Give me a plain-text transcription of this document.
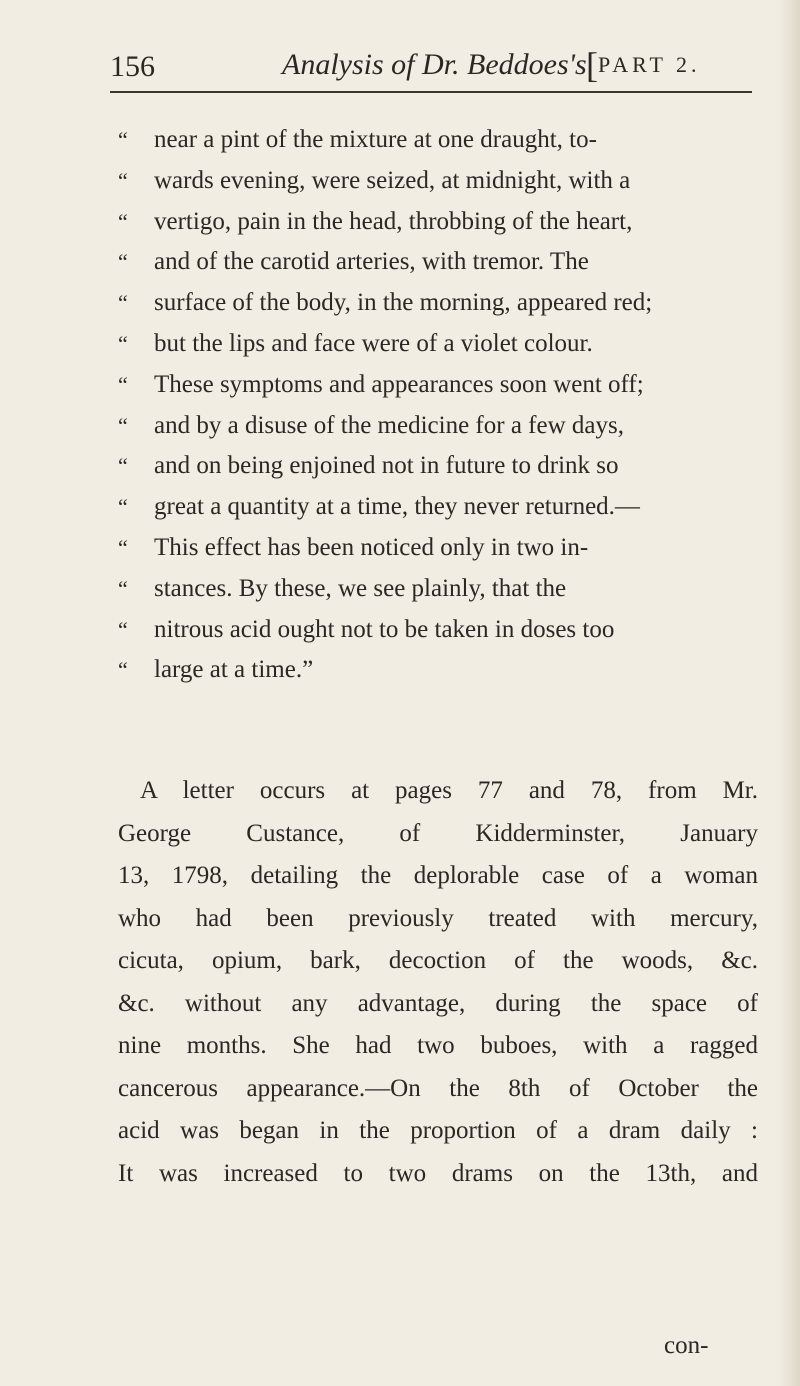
156	Analysis of Dr. Beddoes's [PART 2.
“ near a pint of the mixture at one draught, to-
“ wards evening, were seized, at midnight, with a
“ vertigo, pain in the head, throbbing of the heart,
“ and of the carotid arteries, with tremor. The
“ surface of the body, in the morning, appeared red;
“ but the lips and face were of a violet colour.
“ These symptoms and appearances soon went off;
“ and by a disuse of the medicine for a few days,
“ and on being enjoined not in future to drink so
“ great a quantity at a time, they never returned.—
“ This effect has been noticed only in two in-
“ stances. By these, we see plainly, that the
“ nitrous acid ought not to be taken in doses too
“ large at a time.”
A letter occurs at pages 77 and 78, from Mr.
George Custance, of Kidderminster, January
13, 1798, detailing the deplorable case of a woman
who had been previously treated with mercury,
cicuta, opium, bark, decoction of the woods, &c.
&c. without any advantage, during the space of
nine months. She had two buboes, with a ragged
cancerous appearance.—On the 8th of October the
acid was began in the proportion of a dram daily :
It was increased to two drams on the 13th, and
con-
